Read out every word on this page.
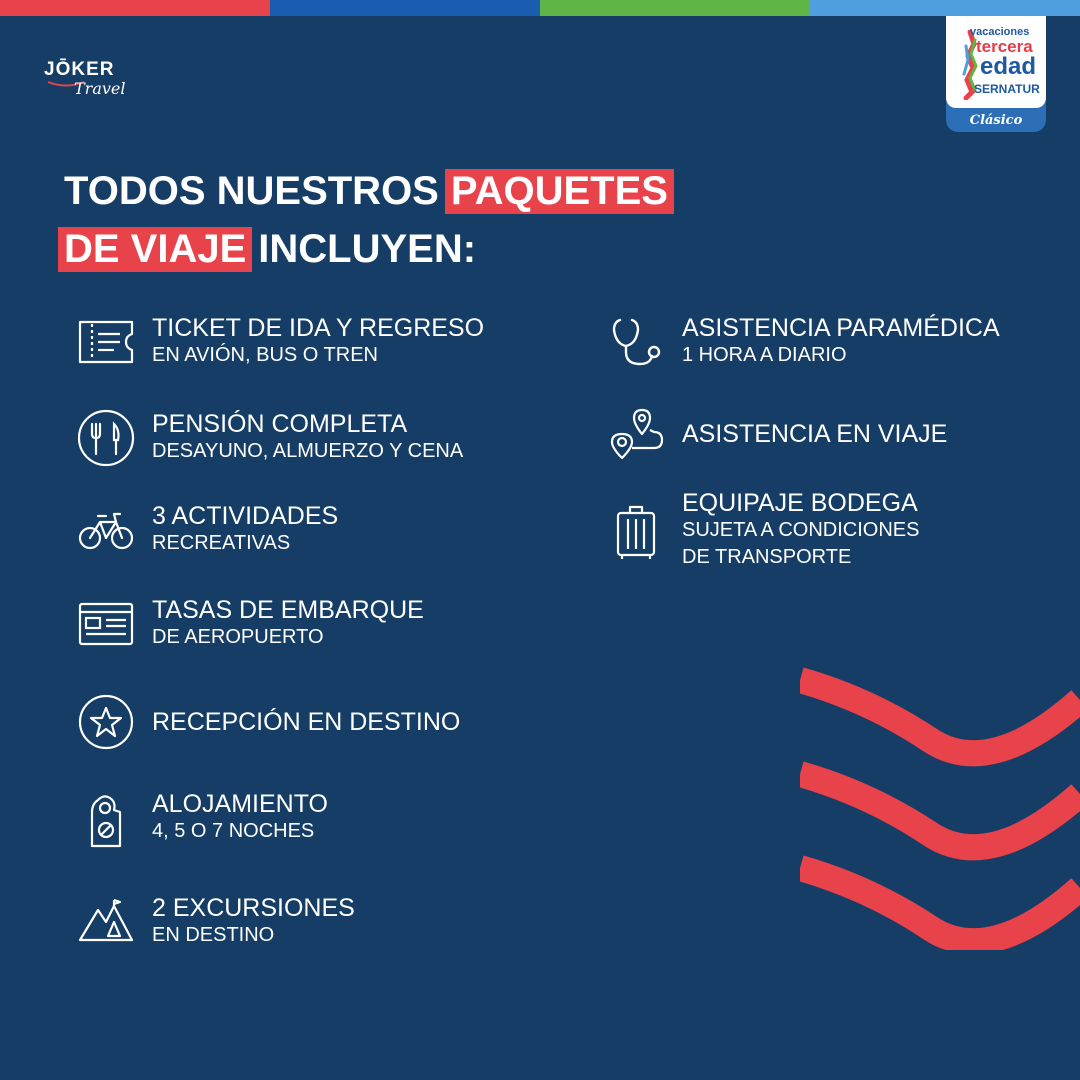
JŌKER
Travel
vacaciones
tercera
edad
SERNATUR
Clásico
TODOS NUESTROS PAQUETES
DE VIAJE INCLUYEN:
TICKET DE IDA Y REGRESO
EN AVIÓN, BUS O TREN
PENSIÓN COMPLETA
DESAYUNO, ALMUERZO Y CENA
3 ACTIVIDADES
RECREATIVAS
TASAS DE EMBARQUE
DE AEROPUERTO
RECEPCIÓN EN DESTINO
ALOJAMIENTO
4, 5 O 7 NOCHES
2 EXCURSIONES
EN DESTINO
ASISTENCIA PARAMÉDICA
1 HORA A DIARIO
ASISTENCIA EN VIAJE
EQUIPAJE BODEGA
SUJETA A CONDICIONES
DE TRANSPORTE
